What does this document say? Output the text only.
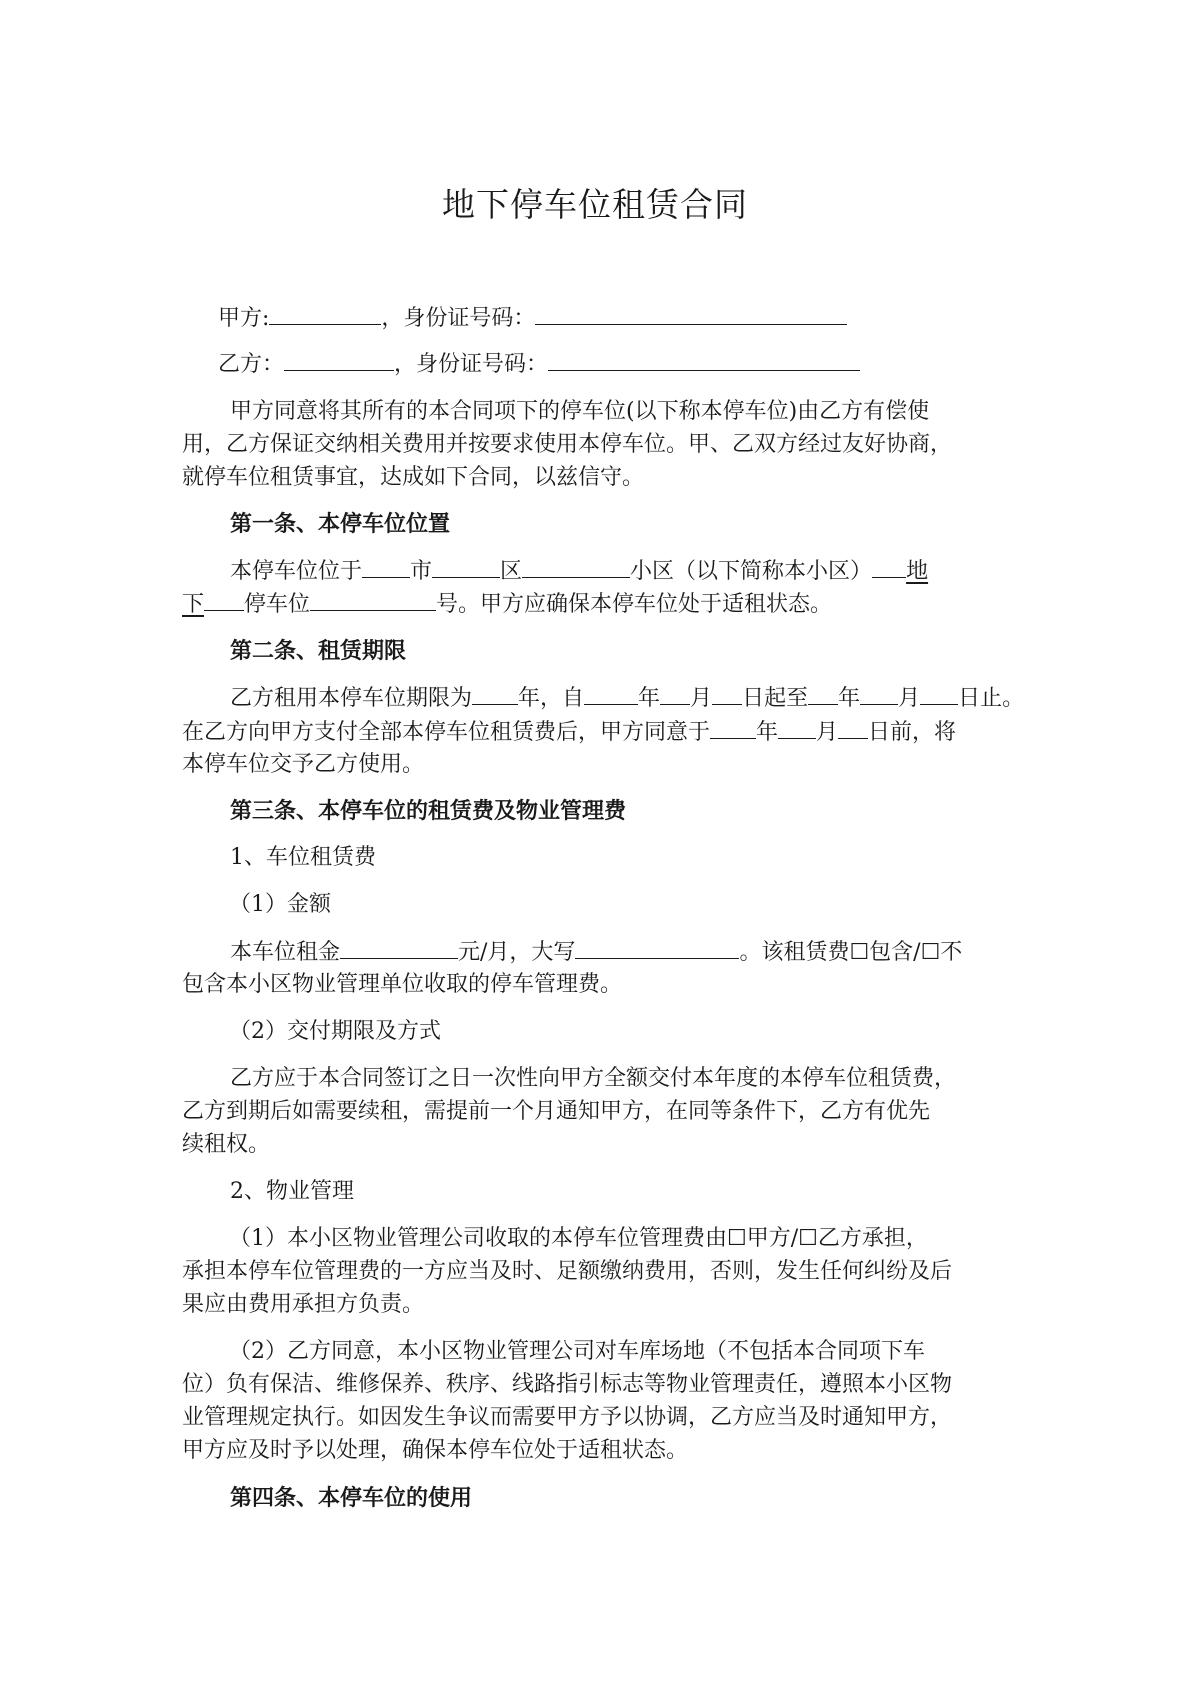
地下停车位租赁合同
甲方:	，身份证号码：
乙方：	，身份证号码：
甲方同意将其所有的本合同项下的停车位(以下称本停车位)由乙方有偿使
用，乙方保证交纳相关费用并按要求使用本停车位。甲、乙双方经过友好协商，
就停车位租赁事宜，达成如下合同，以兹信守。
第一条、本停车位位置
本停车位位于 市	区	小区（以下简称本小区） 地
下 停车位	号。甲方应确保本停车位处于适租状态。
第二条、租赁期限
乙方租用本停车位期限为 年，自 年 月 日起至 年 月 日止。
在乙方向甲方支付全部本停车位租赁费后，甲方同意于 年 月 日前，将
本停车位交予乙方使用。
第三条、本停车位的租赁费及物业管理费
1、车位租赁费
（1）金额
本车位租金	元/月，大写	。该租赁费☐包含/☐不
包含本小区物业管理单位收取的停车管理费。
（2）交付期限及方式
乙方应于本合同签订之日一次性向甲方全额交付本年度的本停车位租赁费，
乙方到期后如需要续租，需提前一个月通知甲方，在同等条件下，乙方有优先
续租权。
2、物业管理
（1）本小区物业管理公司收取的本停车位管理费由☐甲方/☐乙方承担，
承担本停车位管理费的一方应当及时、足额缴纳费用，否则，发生任何纠纷及后
果应由费用承担方负责。
（2）乙方同意，本小区物业管理公司对车库场地（不包括本合同项下车
位）负有保洁、维修保养、秩序、线路指引标志等物业管理责任，遵照本小区物
业管理规定执行。如因发生争议而需要甲方予以协调，乙方应当及时通知甲方，
甲方应及时予以处理，确保本停车位处于适租状态。
第四条、本停车位的使用
